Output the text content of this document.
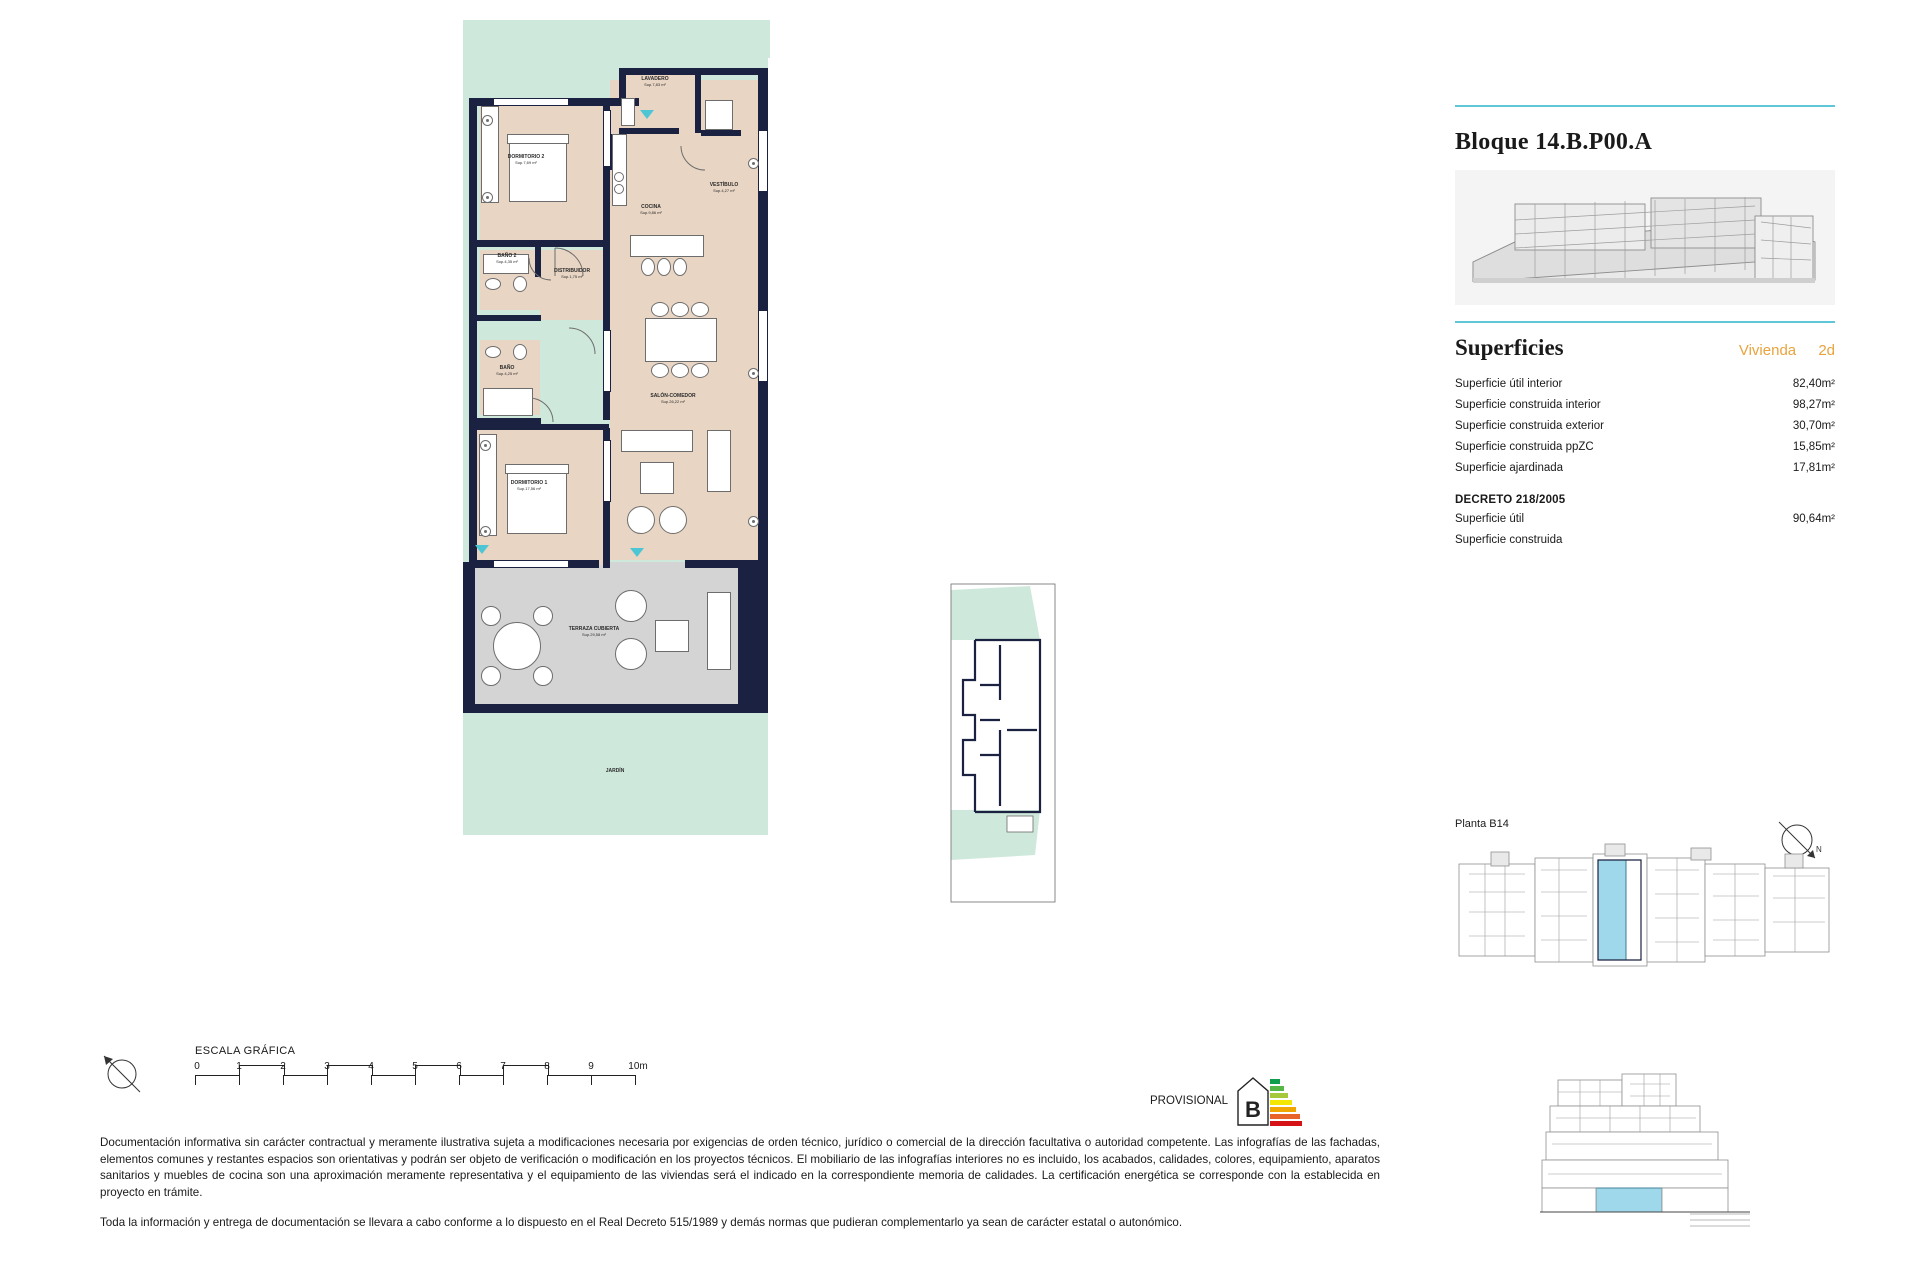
LAVADERO
Sup.7,83 m²
VESTÍBULO
Sup.4,27 m²
COCINA
Sup.9,86 m²
DORMITORIO 2
Sup.7,69 m²
BAÑO 2
Sup.4,35 m²
DISTRIBUIDOR
Sup.1,75 m²
BAÑO
Sup.4,25 m²
DORMITORIO 1
Sup.17,56 m²
SALÓN-COMEDOR
Sup.26,22 m²
TERRAZA CUBIERTA
Sup.29,58 m²
JARDÍN
Bloque 14.B.P00.A
Superficies	Vivienda 2d
Superficie útil interior	82,40m²
Superficie construida interior	98,27m²
Superficie construida exterior	30,70m²
Superficie construida ppZC	15,85m²
Superficie ajardinada	17,81m²
DECRETO 218/2005
Superficie útil	90,64m²
Superficie construida	
Planta B14
N
ESCALA GRÁFICA
0	1	2	3	4	5	6	7	8	9	10m
PROVISIONAL B

Documentación informativa sin carácter contractual y meramente ilustrativa sujeta a modificaciones necesaria por exigencias de orden técnico, jurídico o comercial de la dirección facultativa o autoridad competente. Las infografías de las fachadas, elementos comunes y restantes espacios son orientativas y podrán ser objeto de verificación o modificación en los proyectos técnicos. El mobiliario de las infografías interiores no es incluido, los acabados, calidades, colores, equipamiento, aparatos sanitarios y muebles de cocina son una aproximación meramente representativa y el equipamiento de las viviendas será el indicado en la correspondiente memoria de calidades. La certificación energética se corresponde con la establecida en proyecto en trámite.

Toda la información y entrega de documentación se llevara a cabo conforme a lo dispuesto en el Real Decreto 515/1989 y demás normas que pudieran complementarlo ya sean de carácter estatal o autonómico.
